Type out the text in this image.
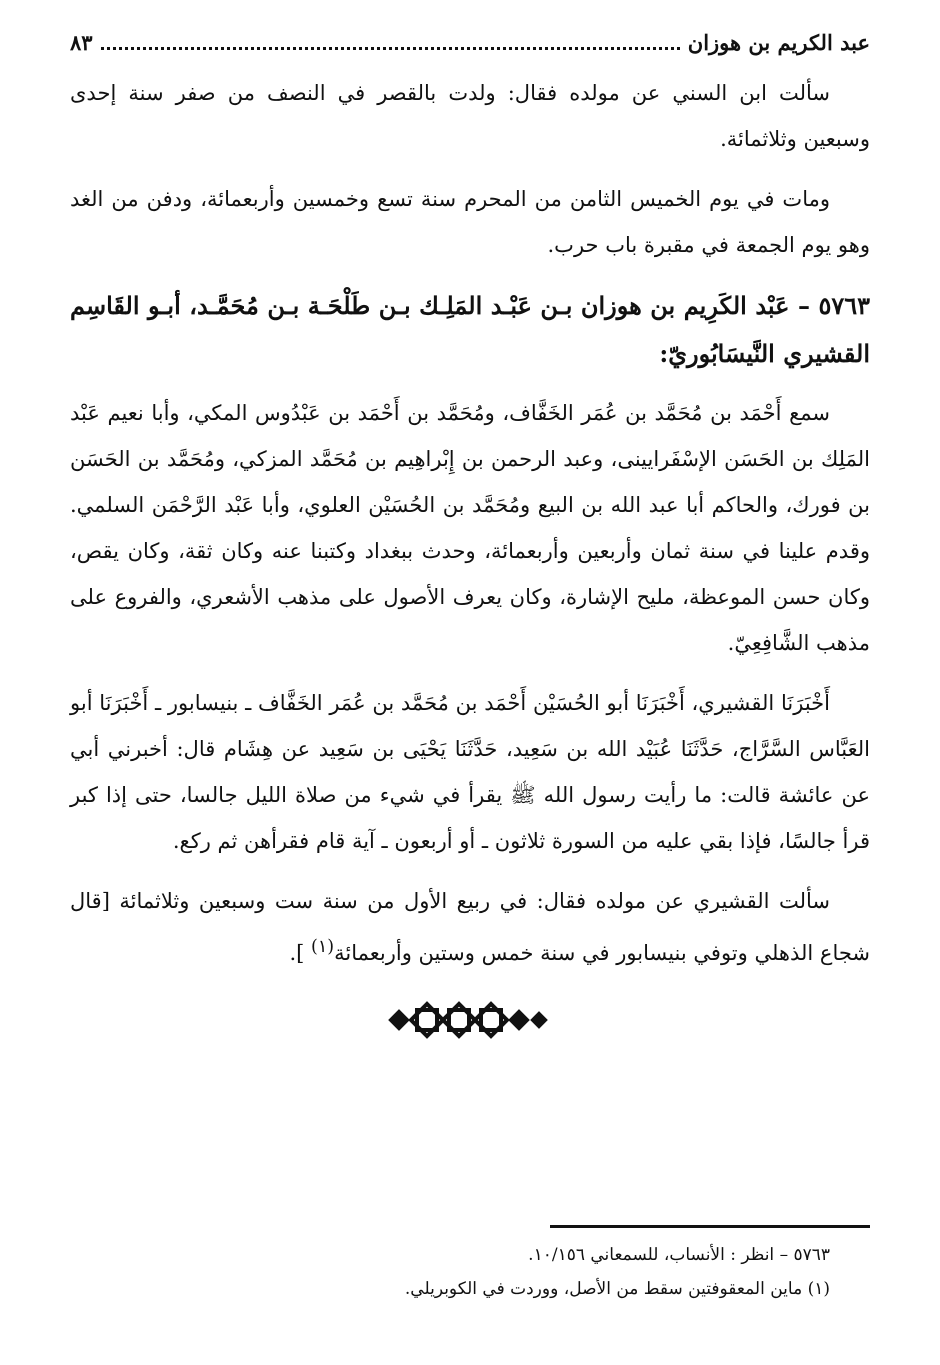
عبد الكريم بن هوزان
٨٣

سألت ابن السني عن مولده فقال: ولدت بالقصر في النصف من صفر سنة إحدى وسبعين وثلاثمائة.

ومات في يوم الخميس الثامن من المحرم سنة تسع وخمسين وأربعمائة، ودفن من الغد وهو يوم الجمعة في مقبرة باب حرب.

٥٧٦٣ – عَبْد الكَرِيم بن هوزان بـن عَبْـد المَلِـك بـن طَلْحَـة بـن مُحَمَّـد، أبـو القَاسِم القشيري النَّيسَابُوريّ:

سمع أَحْمَد بن مُحَمَّد بن عُمَر الخَفَّاف، ومُحَمَّد بن أَحْمَد بن عَبْدُوس المكي، وأبا نعيم عَبْد المَلِك بن الحَسَن الإسْفَرايينى، وعبد الرحمن بن إِبْراهِيم بن مُحَمَّد المزكي، ومُحَمَّد بن الحَسَن بن فورك، والحاكم أبا عبد الله بن البيع ومُحَمَّد بن الحُسَيْن العلوي، وأبا عَبْد الرَّحْمَن السلمي. وقدم علينا في سنة ثمان وأربعين وأربعمائة، وحدث ببغداد وكتبنا عنه وكان ثقة، وكان يقص، وكان حسن الموعظة، مليح الإشارة، وكان يعرف الأصول على مذهب الأشعري، والفروع على مذهب الشَّافِعِيّ.

أَخْبَرَنَا القشيري، أَخْبَرَنَا أبو الحُسَيْن أَحْمَد بن مُحَمَّد بن عُمَر الخَفَّاف ـ بنيسابور ـ أَخْبَرَنَا أبو العَبَّاس السَّرَّاج، حَدَّثَنَا عُبَيْد الله بن سَعِيد، حَدَّثَنَا يَحْيَى بن سَعِيد عن هِشَام قال: أخبرني أبي عن عائشة قالت: ما رأيت رسول الله ﷺ يقرأ في شيء من صلاة الليل جالسا، حتى إذا كبر قرأ جالسًا، فإذا بقي عليه من السورة ثلاثون ـ أو أربعون ـ آية قام فقرأهن ثم ركع.

سألت القشيري عن مولده فقال: في ربيع الأول من سنة ست وسبعين وثلاثمائة [قال شجاع الذهلي وتوفي بنيسابور في سنة خمس وستين وأربعمائة$^{(١)}$ ].

٥٧٦٣ – انظر : الأنساب، للسمعاني ١٠/١٥٦.
(١) ماين المعقوفتين سقط من الأصل، ووردت في الكوبريلي.
